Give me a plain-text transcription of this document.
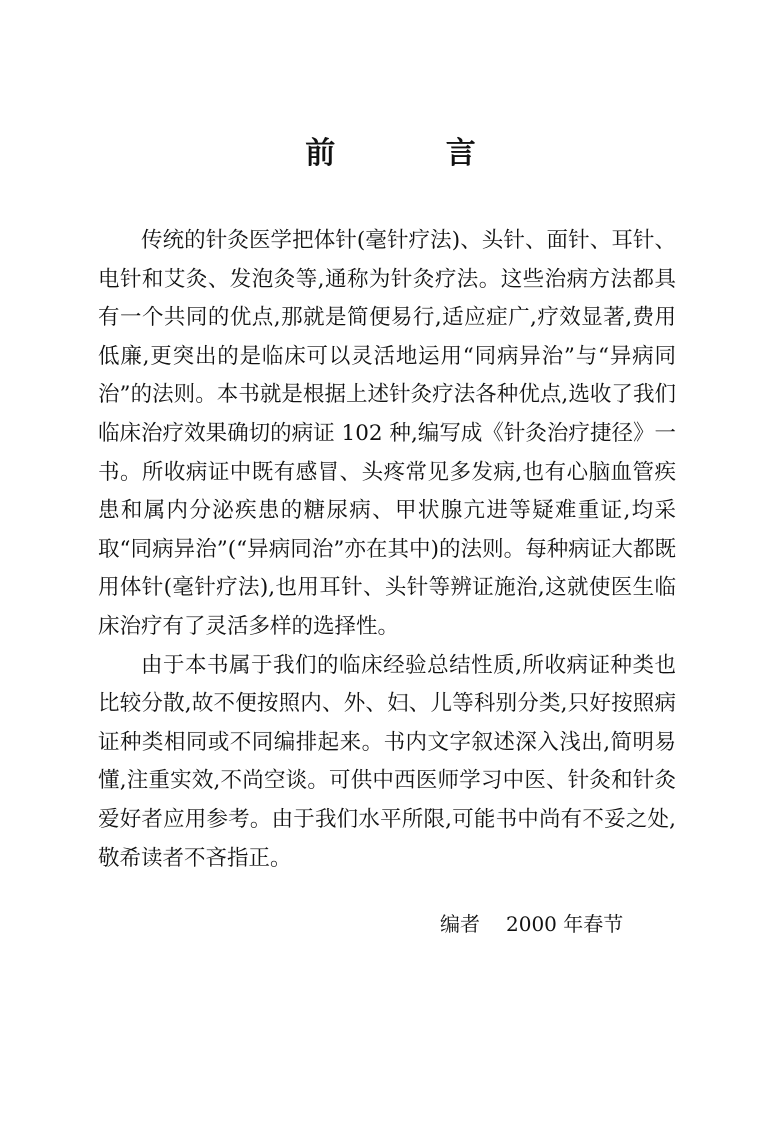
前 言

传统的针灸医学把体针(毫针疗法)、头针、面针、耳针、电针和艾灸、发泡灸等,通称为针灸疗法。这些治病方法都具有一个共同的优点,那就是简便易行,适应症广,疗效显著,费用低廉,更突出的是临床可以灵活地运用“同病异治”与“异病同治”的法则。本书就是根据上述针灸疗法各种优点,选收了我们临床治疗效果确切的病证 102 种,编写成《针灸治疗捷径》一书。所收病证中既有感冒、头疼常见多发病,也有心脑血管疾患和属内分泌疾患的糖尿病、甲状腺亢进等疑难重证,均采取“同病异治”(“异病同治”亦在其中)的法则。每种病证大都既用体针(毫针疗法),也用耳针、头针等辨证施治,这就使医生临床治疗有了灵活多样的选择性。

由于本书属于我们的临床经验总结性质,所收病证种类也比较分散,故不便按照内、外、妇、儿等科别分类,只好按照病证种类相同或不同编排起来。书内文字叙述深入浅出,简明易懂,注重实效,不尚空谈。可供中西医师学习中医、针灸和针灸爱好者应用参考。由于我们水平所限,可能书中尚有不妥之处,敬希读者不吝指正。

编者 2000 年春节
